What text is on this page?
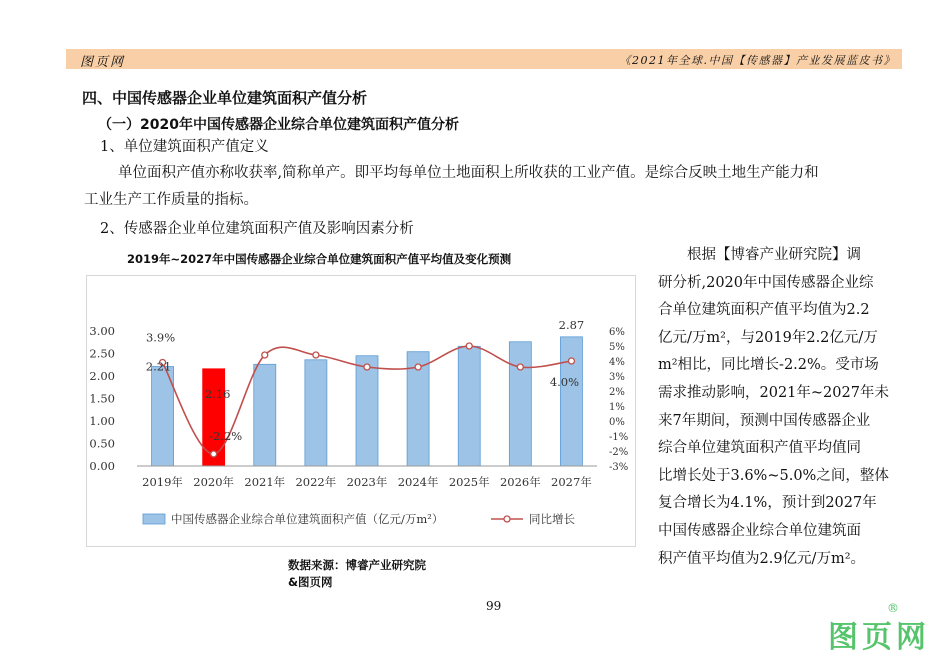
图页网	《2021年全球.中国【传感器】产业发展蓝皮书》
四、中国传感器企业单位建筑面积产值分析
（一）2020年中国传感器企业综合单位建筑面积产值分析
1、单位建筑面积产值定义
单位面积产值亦称收获率,简称单产。即平均每单位土地面积上所收获的工业产值。是综合反映土地生产能力和
工业生产工作质量的指标。
2、传感器企业单位建筑面积产值及影响因素分析
2019年~2027年中国传感器企业综合单位建筑面积产值平均值及变化预测
3.00
2.50
2.00
1.50
1.00
0.50
0.00
6%
5%
4%
3%
2%
1%
0%
-1%
-2%
-3%
2019年 2020年 2021年 2022年 2023年 2024年 2025年 2026年 2027年
3.9%
2.21
2.16
-2.2%
2.87
4.0%
中国传感器企业综合单位建筑面积产值（亿元/万m²）	同比增长
数据来源：博睿产业研究院
&图页网
根据【博睿产业研究院】调
研分析,2020年中国传感器企业综
合单位建筑面积产值平均值为2.2
亿元/万m²，与2019年2.2亿元/万
m²相比，同比增长-2.2%。受市场
需求推动影响，2021年~2027年未
来7年期间，预测中国传感器企业
综合单位建筑面积产值平均值同
比增长处于3.6%~5.0%之间，整体
复合增长为4.1%，预计到2027年
中国传感器企业综合单位建筑面
积产值平均值为2.9亿元/万m²。
99
图页网
®
